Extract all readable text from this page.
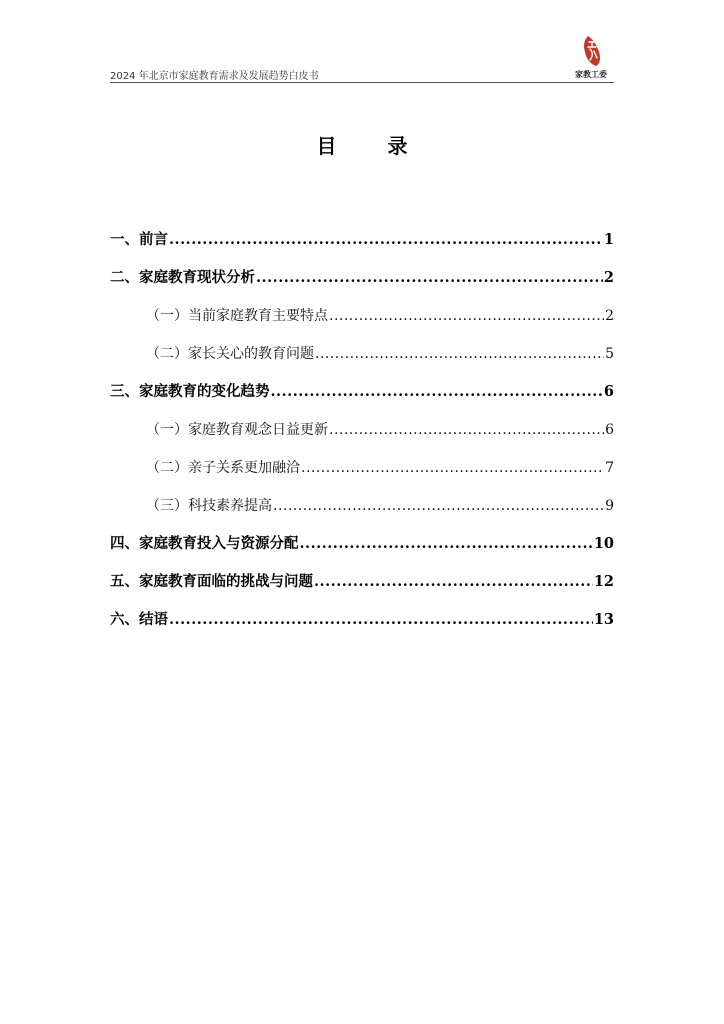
2024 年北京市家庭教育需求及发展趋势白皮书	家教工委
目 录
一、前言 .....	1
二、家庭教育现状分析 .....	2
（一）当前家庭教育主要特点 .....	2
（二）家长关心的教育问题 .....	5
三、家庭教育的变化趋势 .....	6
（一）家庭教育观念日益更新 .....	6
（二）亲子关系更加融洽 .....	7
（三）科技素养提高 .....	9
四、家庭教育投入与资源分配 .....	10
五、家庭教育面临的挑战与问题 .....	12
六、结语 .....	13
